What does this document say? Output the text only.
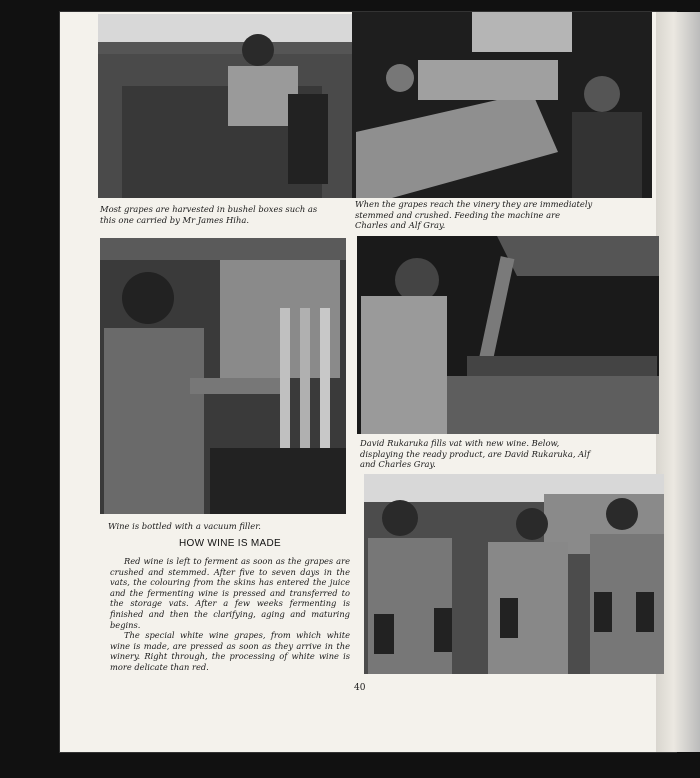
Most grapes are harvested in bushel boxes such as this one carried by Mr James Hiha.

When the grapes reach the vinery they are immediately stemmed and crushed. Feeding the machine are Charles and Alf Gray.

David Rukaruka fills vat with new wine. Below, displaying the ready product, are David Rukaruka, Alf and Charles Gray.

Wine is bottled with a vacuum filler.

HOW WINE IS MADE

Red wine is left to ferment as soon as the grapes are crushed and stemmed. After five to seven days in the vats, the colouring from the skins has entered the juice and the fermenting wine is pressed and transferred to the storage vats. After a few weeks fermenting is finished and then the clarifying, aging and maturing begins.

The special white wine grapes, from which white wine is made, are pressed as soon as they arrive in the winery. Right through, the processing of white wine is more delicate than red.

40
